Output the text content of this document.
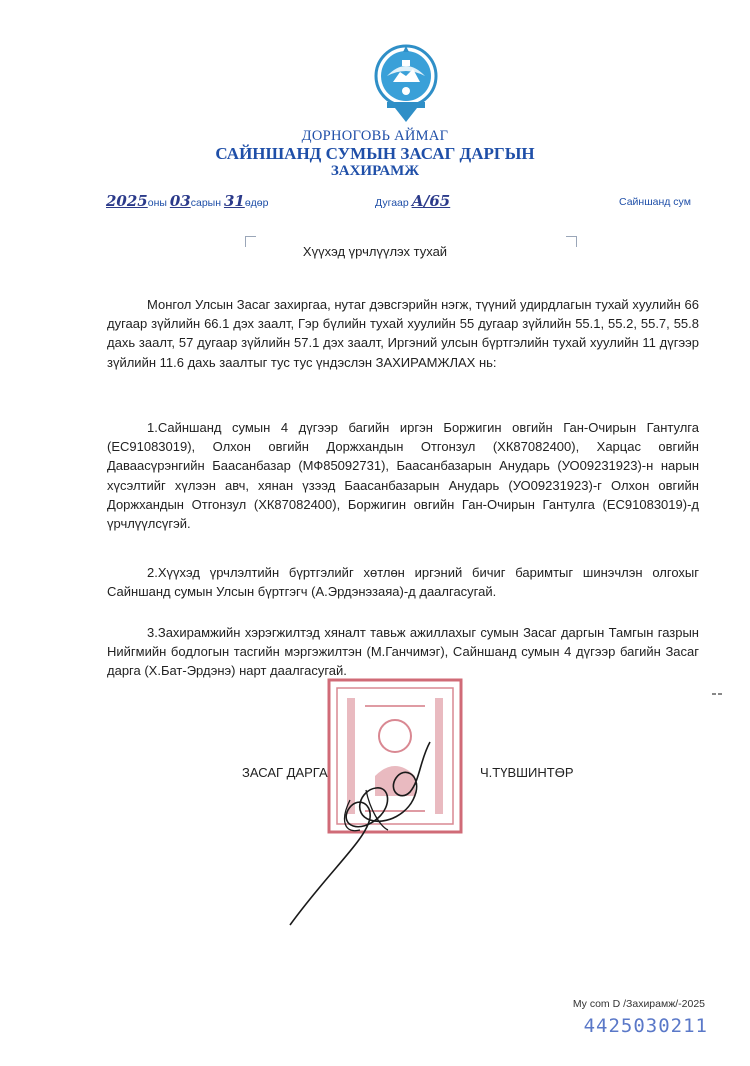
ДОРНОГОВЬ АЙМАГ
САЙНШАНД СУМЫН ЗАСАГ ДАРГЫН
ЗАХИРАМЖ
2025оны 03сарын 31өдөр	Дугаар А/65	Сайншанд сум
Хүүхэд үрчлүүлэх тухай
Монгол Улсын Засаг захиргаа, нутаг дэвсгэрийн нэгж, түүний удирдлагын тухай хуулийн 66 дугаар зүйлийн 66.1 дэх заалт, Гэр бүлийн тухай хуулийн 55 дугаар зүйлийн 55.1, 55.2, 55.7, 55.8 дахь заалт, 57 дугаар зүйлийн 57.1 дэх заалт, Иргэний улсын бүртгэлийн тухай хуулийн 11 дүгээр зүйлийн 11.6 дахь заалтыг тус тус үндэслэн ЗАХИРАМЖЛАХ нь:
1.Сайншанд сумын 4 дүгээр багийн иргэн Боржигин овгийн Ган-Очирын Гантулга (ЕС91083019), Олхон овгийн Доржхандын Отгонзул (ХК87082400), Харцас овгийн Даваасүрэнгийн Баасанбазар (МФ85092731), Баасанбазарын Анударь (УО09231923)-н нарын хүсэлтийг хүлээн авч, хянан үзээд Баасанбазарын Анударь (УО09231923)-г Олхон овгийн Доржхандын Отгонзул (ХК87082400), Боржигин овгийн Ган-Очирын Гантулга (ЕС91083019)-д үрчлүүлсүгэй.
2.Хүүхэд үрчлэлтийн бүртгэлийг хөтлөн иргэний бичиг баримтыг шинэчлэн олгохыг Сайншанд сумын Улсын бүртгэгч (А.Эрдэнэзаяа)-д даалгасугай.
3.Захирамжийн хэрэгжилтэд хяналт тавьж ажиллахыг сумын Засаг даргын Тамгын газрын Нийгмийн бодлогын тасгийн мэргэжилтэн (М.Ганчимэг), Сайншанд сумын 4 дүгээр багийн Засаг дарга (Х.Бат-Эрдэнэ) нарт даалгасугай.
ЗАСАГ ДАРГА	Ч.ТҮВШИНТӨР
My com D /Захирамж/-2025
4425030211
